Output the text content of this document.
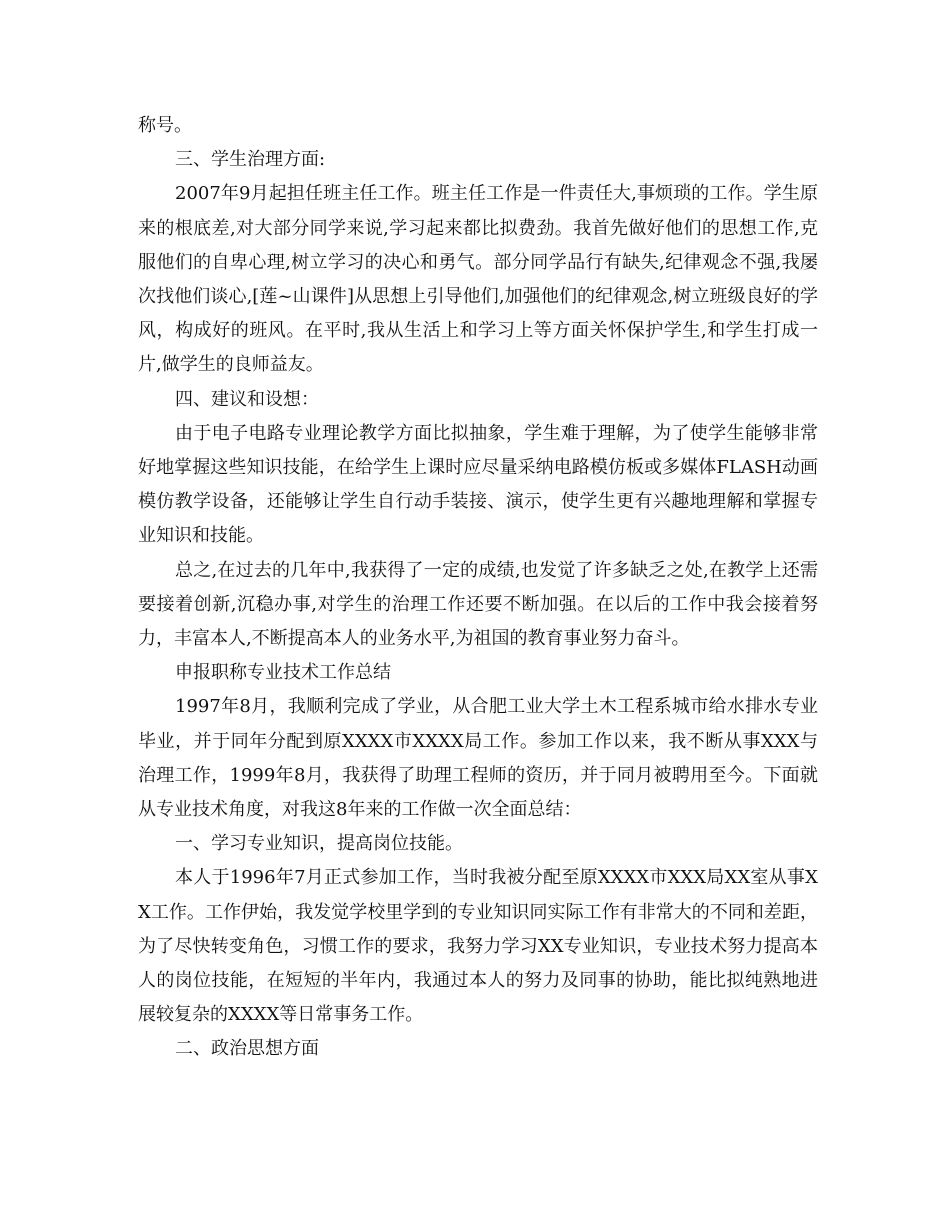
称号。

三、学生治理方面:

2007年9月起担任班主任工作。班主任工作是一件责任大,事烦琐的工作。学生原来的根底差,对大部分同学来说,学习起来都比拟费劲。我首先做好他们的思想工作,克服他们的自卑心理,树立学习的决心和勇气。部分同学品行有缺失,纪律观念不强,我屡次找他们谈心,[莲~山课件]从思想上引导他们,加强他们的纪律观念,树立班级良好的学风，构成好的班风。在平时,我从生活上和学习上等方面关怀保护学生,和学生打成一片,做学生的良师益友。

四、建议和设想：

由于电子电路专业理论教学方面比拟抽象，学生难于理解，为了使学生能够非常好地掌握这些知识技能，在给学生上课时应尽量采纳电路模仿板或多媒体FLASH动画模仿教学设备，还能够让学生自行动手装接、演示，使学生更有兴趣地理解和掌握专业知识和技能。

总之,在过去的几年中,我获得了一定的成绩,也发觉了许多缺乏之处,在教学上还需要接着创新,沉稳办事,对学生的治理工作还要不断加强。在以后的工作中我会接着努力，丰富本人,不断提高本人的业务水平,为祖国的教育事业努力奋斗。

申报职称专业技术工作总结

1997年8月，我顺利完成了学业，从合肥工业大学土木工程系城市给水排水专业毕业，并于同年分配到原XXXX市XXXX局工作。参加工作以来，我不断从事XXX与治理工作，1999年8月，我获得了助理工程师的资历，并于同月被聘用至今。下面就从专业技术角度，对我这8年来的工作做一次全面总结：

一、学习专业知识，提高岗位技能。

本人于1996年7月正式参加工作，当时我被分配至原XXXX市XXX局XX室从事XX工作。工作伊始，我发觉学校里学到的专业知识同实际工作有非常大的不同和差距，为了尽快转变角色，习惯工作的要求，我努力学习XX专业知识，专业技术努力提高本人的岗位技能，在短短的半年内，我通过本人的努力及同事的协助，能比拟纯熟地进展较复杂的XXXX等日常事务工作。

二、政治思想方面
